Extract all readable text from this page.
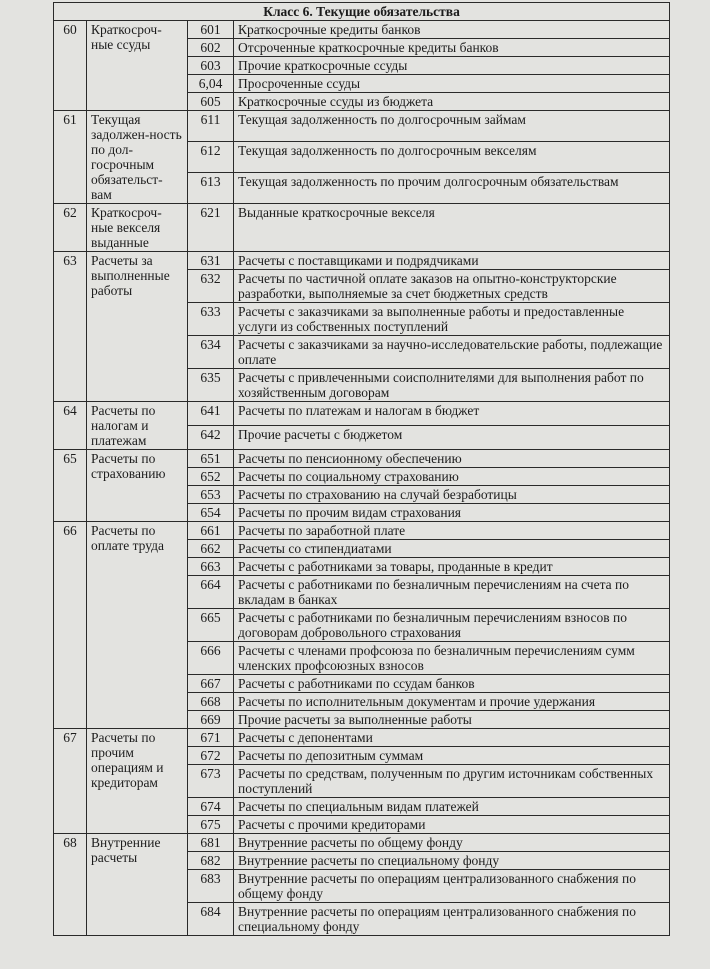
Класс 6. Текущие обязательства			
60	Краткосроч-ные ссуды	601	Краткосрочные кредиты банков
		602	Отсроченные краткосрочные кредиты банков
		603	Прочие краткосрочные ссуды
		6,04	Просроченные ссуды
		605	Краткосрочные ссуды из бюджета
61	Текущая задолжен-ность по дол-госрочным обязательст-вам	611	Текущая задолженность по долгосрочным займам
		612	Текущая задолженность по долгосрочным векселям
		613	Текущая задолженность по прочим долгосрочным обязательствам
62	Краткосроч-ные векселя выданные	621	Выданные краткосрочные векселя
63	Расчеты за выполненные работы	631	Расчеты с поставщиками и подрядчиками
		632	Расчеты по частичной оплате заказов на опытно-конструкторские разработки, выполняемые за счет бюджетных средств
		633	Расчеты с заказчиками за выполненные работы и предоставленные услуги из собственных поступлений
		634	Расчеты с заказчиками за научно-исследовательские работы, подлежащие оплате
		635	Расчеты с привлеченными соисполнителями для выполнения работ по хозяйственным договорам
64	Расчеты по налогам и платежам	641	Расчеты по платежам и налогам в бюджет
		642	Прочие расчеты с бюджетом
65	Расчеты по страхованию	651	Расчеты по пенсионному обеспечению
		652	Расчеты по социальному страхованию
		653	Расчеты по страхованию на случай безработицы
		654	Расчеты по прочим видам страхования
66	Расчеты по оплате труда	661	Расчеты по заработной плате
		662	Расчеты со стипендиатами
		663	Расчеты с работниками за товары, проданные в кредит
		664	Расчеты с работниками по безналичным перечислениям на счета по вкладам в банках
		665	Расчеты с работниками по безналичным перечислениям взносов по договорам добровольного страхования
		666	Расчеты с членами профсоюза по безналичным перечислениям сумм членских профсоюзных взносов
		667	Расчеты с работниками по ссудам банков
		668	Расчеты по исполнительным документам и прочие удержания
		669	Прочие расчеты за выполненные работы
67	Расчеты по прочим операциям и кредиторам	671	Расчеты с депонентами
		672	Расчеты по депозитным суммам
		673	Расчеты по средствам, полученным по другим источникам собственных поступлений
		674	Расчеты по специальным видам платежей
		675	Расчеты с прочими кредиторами
68	Внутренние расчеты	681	Внутренние расчеты по общему фонду
		682	Внутренние расчеты по специальному фонду
		683	Внутренние расчеты по операциям централизованного снабжения по общему фонду
		684	Внутренние расчеты по операциям централизованного снабжения по специальному фонду
